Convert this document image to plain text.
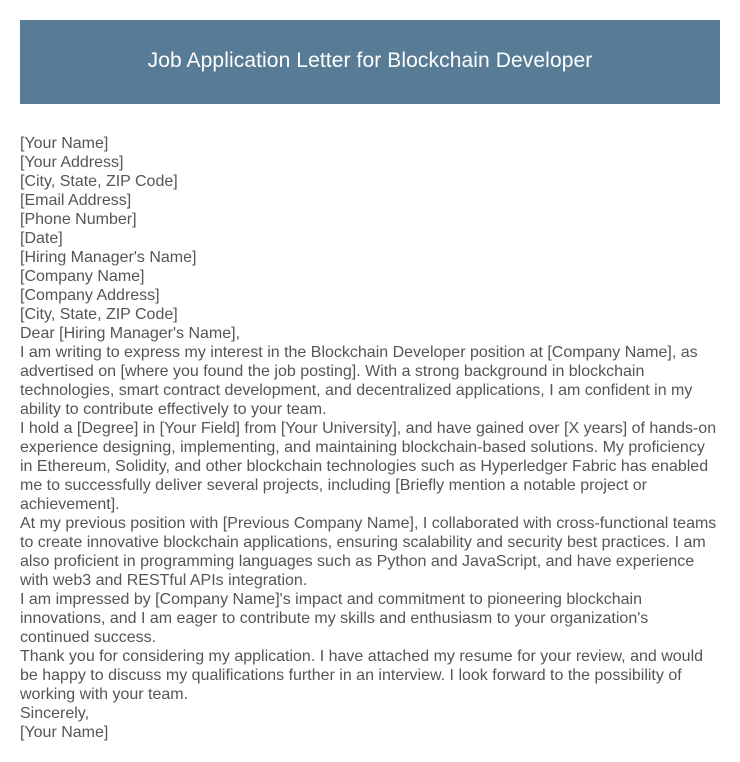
Job Application Letter for Blockchain Developer
[Your Name]
[Your Address]
[City, State, ZIP Code]
[Email Address]
[Phone Number]
[Date]
[Hiring Manager's Name]
[Company Name]
[Company Address]
[City, State, ZIP Code]
Dear [Hiring Manager's Name],
I am writing to express my interest in the Blockchain Developer position at [Company Name], as
advertised on [where you found the job posting]. With a strong background in blockchain
technologies, smart contract development, and decentralized applications, I am confident in my
ability to contribute effectively to your team.
I hold a [Degree] in [Your Field] from [Your University], and have gained over [X years] of hands-on
experience designing, implementing, and maintaining blockchain-based solutions. My proficiency
in Ethereum, Solidity, and other blockchain technologies such as Hyperledger Fabric has enabled
me to successfully deliver several projects, including [Briefly mention a notable project or
achievement].
At my previous position with [Previous Company Name], I collaborated with cross-functional teams
to create innovative blockchain applications, ensuring scalability and security best practices. I am
also proficient in programming languages such as Python and JavaScript, and have experience
with web3 and RESTful APIs integration.
I am impressed by [Company Name]'s impact and commitment to pioneering blockchain
innovations, and I am eager to contribute my skills and enthusiasm to your organization's
continued success.
Thank you for considering my application. I have attached my resume for your review, and would
be happy to discuss my qualifications further in an interview. I look forward to the possibility of
working with your team.
Sincerely,
[Your Name]
